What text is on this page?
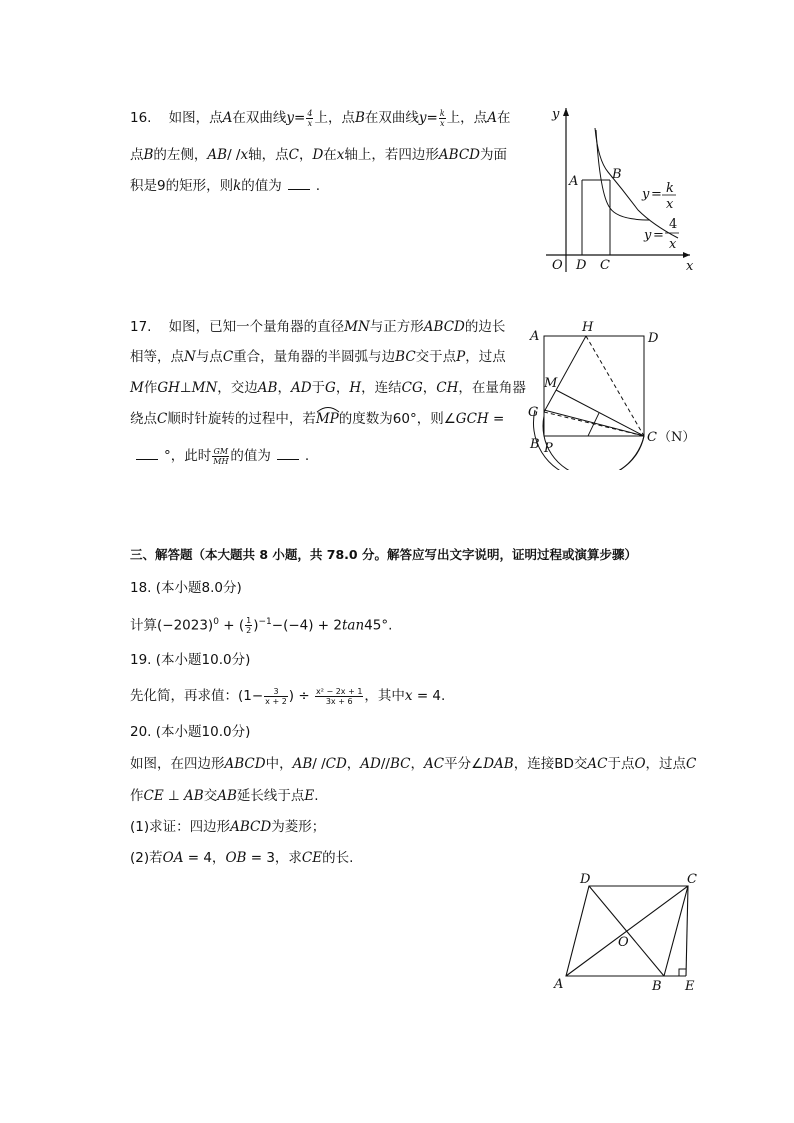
16. 如图，点A在双曲线$y= \frac{4}{x}$ 上，点B在双曲线$y= \frac{k}{x}$ 上，点A在
点B的左侧，AB/ /x轴，点C，D在x轴上，若四边形ABCD为面
积是9的矩形，则k的值为	.
y
x
O D C
A	B
y = k
x
y =
4
x
17. 如图，已知一个量角器的直径MN与正方形ABCD的边长
相等，点N与点C重合，量角器的半圆弧与边BC交于点P，过点
M作GH⊥MN，交边AB，AD于G，H，连结CG，CH，在量角器
绕点C顺时针旋转的过程中，若MP
的度数为60°，则∠GCH =
°，此时 $\frac{GM}{MH}$ 的值为	.
A
H
D
M
G
B P
C （N）
三、解答题（本大题共 8 小题，共 78.0 分。解答应写出文字说明，证明过程或演算步骤）
18. (本小题8.0分)
计算$(-2023)^0$ + ( $\frac{1}{2} )^{-1}-(-4) + 2\tan 45^\circ$.
19. (本小题10.0分)
先化简，再求值：($1- \frac{3}{x + 2}$ ) ÷ $\frac{\text{x² − 2x + 1}}{3x + 6}$ ，其中x = 4.
20. (本小题10.0分)
如图，在四边形ABCD中，AB/ /CD，AD//BC，AC平分∠DAB，连接BD交AC于点O，过点C
作CE ⊥ AB交AB延长线于点E.
(1)求证：四边形ABCD为菱形；
(2)若OA = 4，OB = 3，求CE的长.
D	C
O
A	B E
